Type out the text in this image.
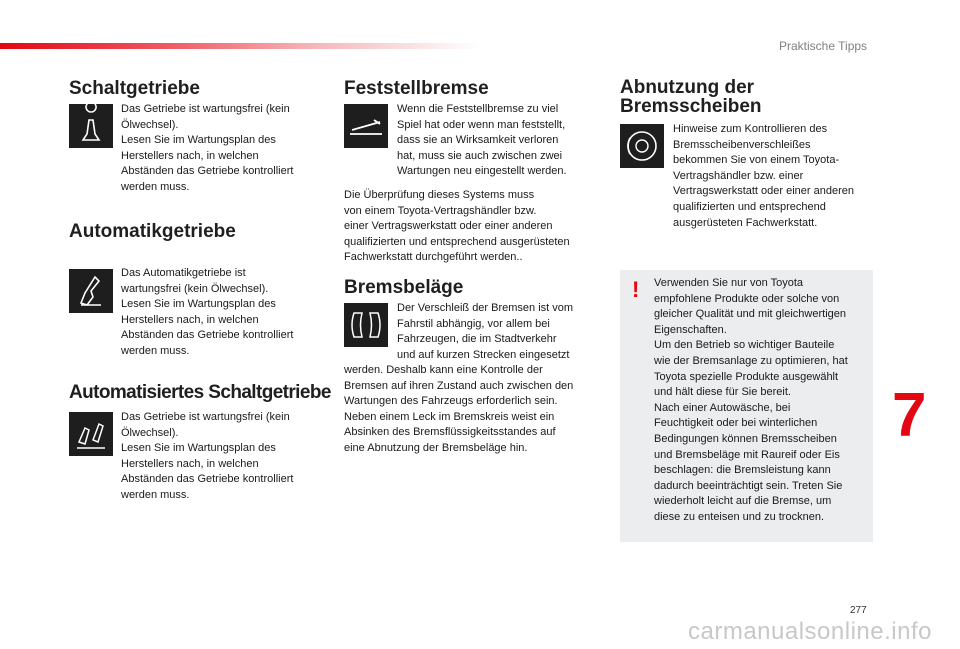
Praktische Tipps
Schaltgetriebe
Das Getriebe ist wartungsfrei (kein
Ölwechsel).
Lesen Sie im Wartungsplan des
Herstellers nach, in welchen
Abständen das Getriebe kontrolliert
werden muss.
Automatikgetriebe
Das Automatikgetriebe ist
wartungsfrei (kein Ölwechsel).
Lesen Sie im Wartungsplan des
Herstellers nach, in welchen
Abständen das Getriebe kontrolliert
werden muss.
Automatisiertes Schaltgetriebe
Das Getriebe ist wartungsfrei (kein
Ölwechsel).
Lesen Sie im Wartungsplan des
Herstellers nach, in welchen
Abständen das Getriebe kontrolliert
werden muss.
Feststellbremse
Wenn die Feststellbremse zu viel
Spiel hat oder wenn man feststellt,
dass sie an Wirksamkeit verloren
hat, muss sie auch zwischen zwei
Wartungen neu eingestellt werden.
Die Überprüfung dieses Systems muss
von einem Toyota-Vertragshändler bzw.
einer Vertragswerkstatt oder einer anderen
qualifizierten und entsprechend ausgerüsteten
Fachwerkstatt durchgeführt werden..
Bremsbeläge
Der Verschleiß der Bremsen ist vom
Fahrstil abhängig, vor allem bei
Fahrzeugen, die im Stadtverkehr
und auf kurzen Strecken eingesetzt
werden. Deshalb kann eine Kontrolle der
Bremsen auf ihren Zustand auch zwischen den
Wartungen des Fahrzeugs erforderlich sein.
Neben einem Leck im Bremskreis weist ein
Absinken des Bremsflüssigkeitsstandes auf
eine Abnutzung der Bremsbeläge hin.
Abnutzung der
Bremsscheiben
Hinweise zum Kontrollieren des
Bremsscheibenverschleißes
bekommen Sie von einem Toyota-
Vertragshändler bzw. einer
Vertragswerkstatt oder einer anderen
qualifizierten und entsprechend
ausgerüsteten Fachwerkstatt.
! Verwenden Sie nur von Toyota
empfohlene Produkte oder solche von
gleicher Qualität und mit gleichwertigen
Eigenschaften.
Um den Betrieb so wichtiger Bauteile
wie der Bremsanlage zu optimieren, hat
Toyota spezielle Produkte ausgewählt
und hält diese für Sie bereit.
Nach einer Autowäsche, bei
Feuchtigkeit oder bei winterlichen
Bedingungen können Bremsscheiben
und Bremsbeläge mit Raureif oder Eis
beschlagen: die Bremsleistung kann
dadurch beeinträchtigt sein. Treten Sie
wiederholt leicht auf die Bremse, um
diese zu enteisen und zu trocknen.
7
277
carmanualsonline.info
